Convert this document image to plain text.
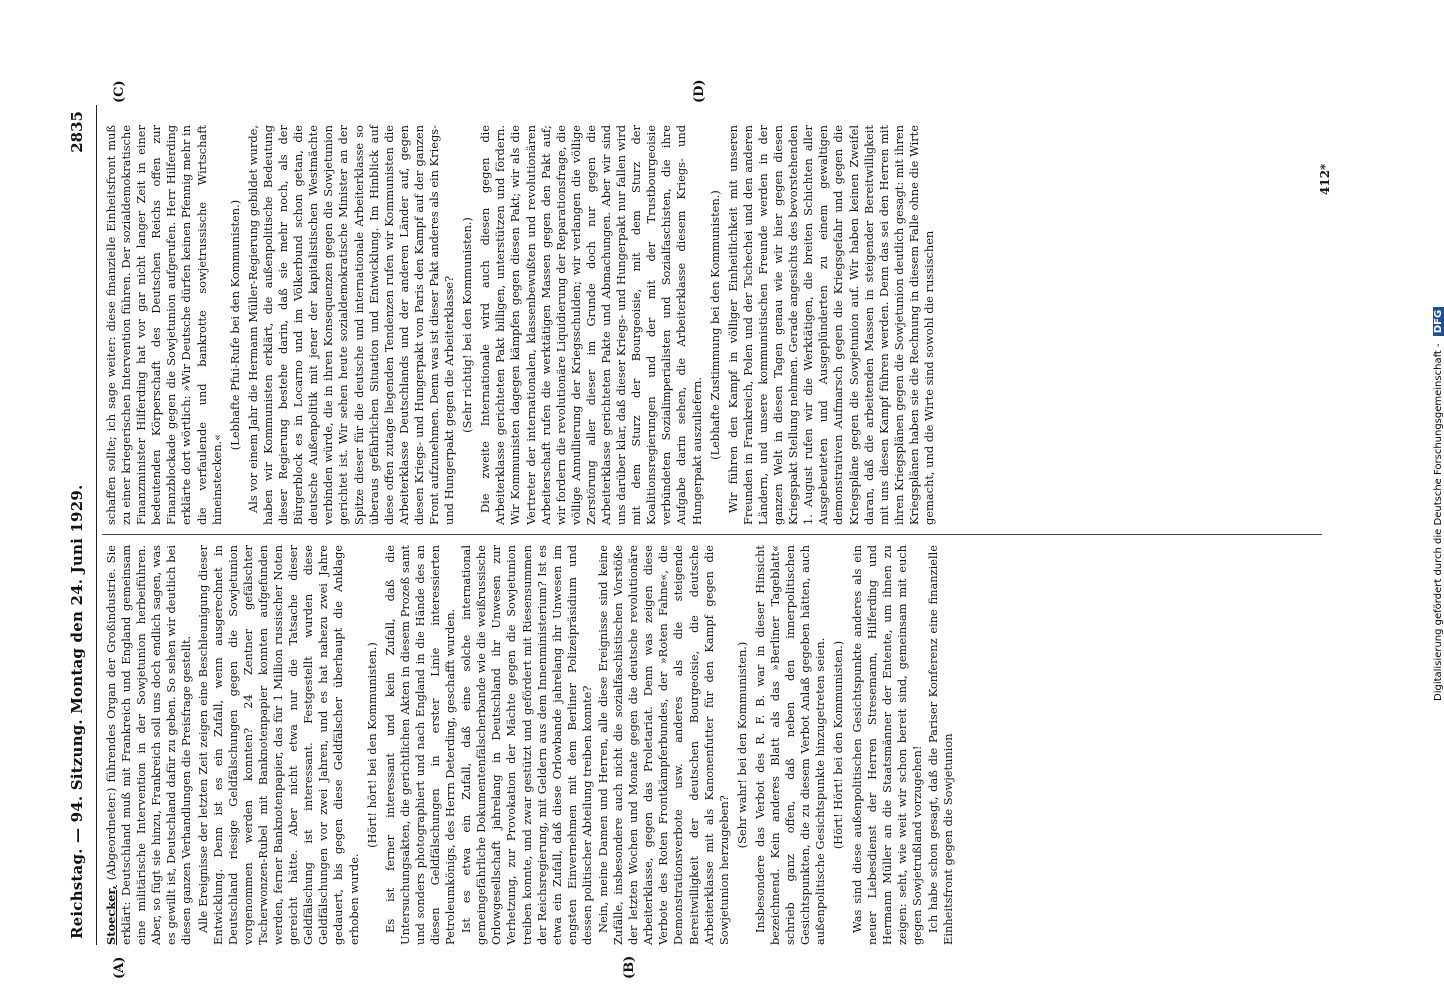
Reichstag. — 94. Sitzung. Montag den 24. Juni 1929.
2835
(A)	(B)
(C)	(D)

Stoecker, (Abgeordneter:) führendes Organ der Großindustrie. Sie erklärt: Deutschland muß mit Frankreich und England gemeinsam eine militärische Intervention in der Sowjetunion herbeiführen. Aber, so fügt sie hinzu, Frankreich soll uns doch endlich sagen, was es gewillt ist, Deutschland dafür zu geben. So sehen wir deutlich bei diesen ganzen Verhandlungen die Preisfrage gestellt. Alle Ereignisse der letzten Zeit zeigen eine Beschleunigung dieser Entwicklung. Denn ist es ein Zufall, wenn ausgerechnet in Deutschland riesige Geldfälschungen gegen die Sowjetunion vorgenommen werden konnten? 24 Zentner gefälschter Tscherwonzen-Rubel mit Banknotenpapier konnten aufgefunden werden, ferner Banknotenpapier, das für 1 Million russischer Noten gereicht hätte. Aber nicht etwa nur die Tatsache dieser Geldfälschung ist interessant. Festgestellt wurden diese Geldfälschungen vor zwei Jahren, und es hat nahezu zwei Jahre gedauert, bis gegen diese Geldfälscher überhaupt die Anklage erhoben wurde.

(Hört! hört! bei den Kommunisten.) Es ist ferner interessant und kein Zufall, daß die Untersuchungsakten, die gerichtlichen Akten in diesem Prozeß samt und sonders photographiert und nach England in die Hände des an diesen Geldfälschungen in erster Linie interessierten Petroleumkönigs, des Herrn Deterding, geschafft wurden. Ist es etwa ein Zufall, daß eine solche international gemeingefährliche Dokumentenfälscherbande wie die weißrussische Orlowgesellschaft jahrelang in Deutschland ihr Unwesen zur Verhetzung, zur Provokation der Mächte gegen die Sowjetunion treiben konnte, und zwar gestützt und gefördert mit Riesensummen der Reichsregierung, mit Geldern aus dem Innenministerium? Ist es etwa ein Zufall, daß diese Orlowbande jahrelang ihr Unwesen im engsten Einvernehmen mit dem Berliner Polizeipräsidium und dessen politischer Abteilung treiben konnte? Nein, meine Damen und Herren, alle diese Ereignisse sind keine Zufälle, insbesondere auch nicht die sozialfaschistischen Vorstöße der letzten Wochen und Monate gegen die deutsche revolutionäre Arbeiterklasse, gegen das Proletariat. Denn was zeigen diese Verbote des Roten Frontkämpferbundes, der »Roten Fahne«, die Demonstrationsverbote usw. anderes als die steigende Bereitwilligkeit der deutschen Bourgeoisie, die deutsche Arbeiterklasse mit als Kanonenfutter für den Kampf gegen die Sowjetunion herzugeben?

(Sehr wahr! bei den Kommunisten.) Insbesondere das Verbot des R. F. B. war in dieser Hinsicht bezeichnend. Kein anderes Blatt als das »Berliner Tageblatt« schrieb ganz offen, daß neben den innerpolitischen Gesichtspunkten, die zu diesem Verbot Anlaß gegeben hätten, auch außenpolitische Gesichtspunkte hinzugetreten seien. (Hört! Hört! bei den Kommunisten.) Was sind diese außenpolitischen Gesichtspunkte anderes als ein neuer Liebesdienst der Herren Stresemann, Hilferding und Hermann Müller an die Staatsmänner der Entente, um ihnen zu zeigen: seht, wie weit wir schon bereit sind, gemeinsam mit euch gegen Sowjetrußland vorzugehen! Ich habe schon gesagt, daß die Pariser Konferenz eine finanzielle Einheitsfront gegen die Sowjetunion

schaffen sollte; ich sage weiter: diese finanzielle Einheitsfront muß zu einer kriegerischen Intervention führen. Der sozialdemokratische Finanzminister Hilferding hat vor gar nicht langer Zeit in einer bedeutenden Körperschaft des Deutschen Reichs offen zur Finanzblockade gegen die Sowjetunion aufgerufen. Herr Hilferding erklärte dort wörtlich: »Wir Deutsche dürfen keinen Pfennig mehr in die verfaulende und bankrotte sowjetrussische Wirtschaft hineinstecken.«

(Lebhafte Pfui-Rufe bei den Kommunisten.) Als vor einem Jahr die Hermann Müller-Regierung gebildet wurde, haben wir Kommunisten erklärt, die außenpolitische Bedeutung dieser Regierung bestehe darin, daß sie mehr noch, als der Bürgerblock es in Locarno und im Völkerbund schon getan, die deutsche Außenpolitik mit jener der kapitalistischen Westmächte verbinden würde, die in ihren Konsequenzen gegen die Sowjetunion gerichtet ist. Wir sehen heute sozialdemokratische Minister an der Spitze dieser für die deutsche und internationale Arbeiterklasse so überaus gefährlichen Situation und Entwicklung. Im Hinblick auf diese offen zutage liegenden Tendenzen rufen wir Kommunisten die Arbeiterklasse Deutschlands und der anderen Länder auf, gegen diesen Kriegs- und Hungerpakt von Paris den Kampf auf der ganzen Front aufzunehmen. Denn was ist dieser Pakt anderes als ein Kriegs- und Hungerpakt gegen die Arbeiterklasse? (Sehr richtig! bei den Kommunisten.) Die zweite Internationale wird auch diesen gegen die Arbeiterklasse gerichteten Pakt billigen, unterstützen und fördern. Wir Kommunisten dagegen kämpfen gegen diesen Pakt; wir als die Vertreter der internationalen, klassenbewußten und revolutionären Arbeiterschaft rufen die werktätigen Massen gegen den Pakt auf; wir fordern die revolutionäre Liquidierung der Reparationsfrage, die völlige Annullierung der Kriegsschulden; wir verlangen die völlige Zerstörung aller dieser im Grunde doch nur gegen die Arbeiterklasse gerichteten Pakte und Abmachungen. Aber wir sind uns darüber klar, daß dieser Kriegs- und Hungerpakt nur fallen wird mit dem Sturz der Bourgeoisie, mit dem Sturz der Koalitionsregierungen und der mit der Trustbourgeoisie verbündeten Sozialimperialisten und Sozialfaschisten, die ihre Aufgabe darin sehen, die Arbeiterklasse diesem Kriegs- und Hungerpakt auszuliefern. (Lebhafte Zustimmung bei den Kommunisten.) Wir führen den Kampf in völliger Einheitlichkeit mit unseren Freunden in Frankreich, Polen und der Tschechei und den anderen Ländern, und unsere kommunistischen Freunde werden in der ganzen Welt in diesen Tagen genau wie wir hier gegen diesen Kriegspakt Stellung nehmen. Gerade angesichts des bevorstehenden 1. August rufen wir die Werktätigen, die breiten Schichten aller Ausgebeuteten und Ausgeplünderten zu einem gewaltigen demonstrativen Aufmarsch gegen die Kriegsgefahr und gegen die Kriegspläne gegen die Sowjetunion auf. Wir haben keinen Zweifel daran, daß die arbeitenden Massen in steigender Bereitwilligkeit mit uns diesen Kampf führen werden. Denn das sei den Herren mit ihren Kriegsplänen gegen die Sowjetunion deutlich gesagt: mit ihren Kriegsplänen haben sie die Rechnung in diesem Falle ohne die Wirte gemacht, und die Wirte sind sowohl die russischen

412*
Digitalisierung gefördert durch die Deutsche Forschungsgemeinschaft - DFG
